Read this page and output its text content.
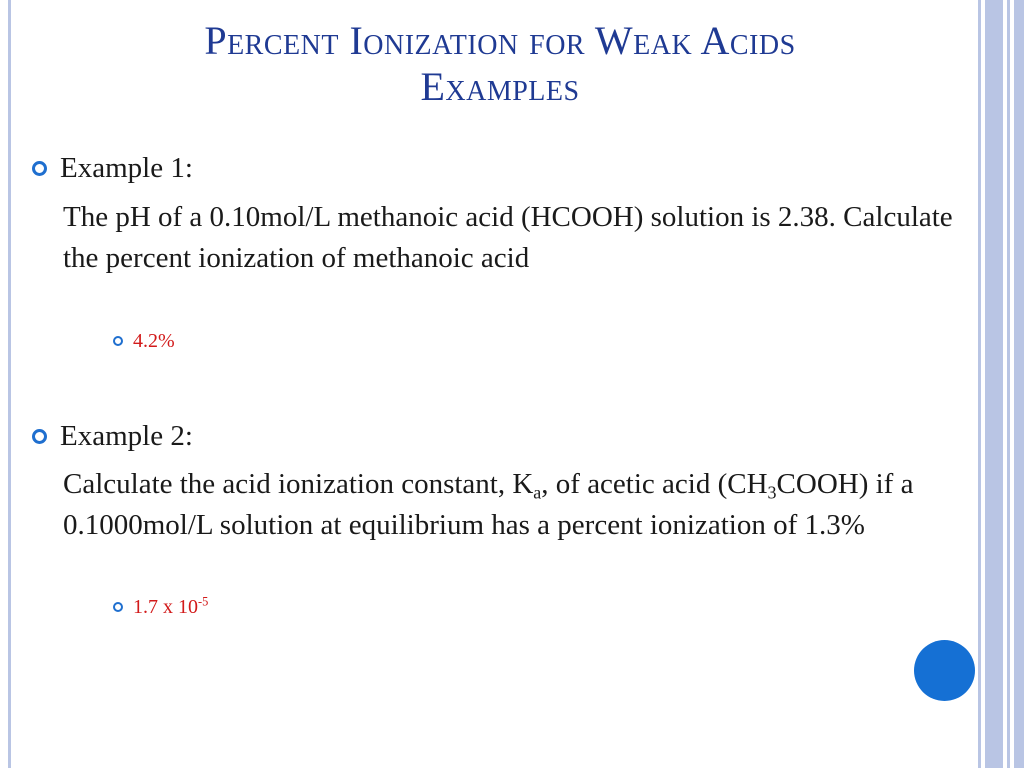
Percent Ionization for Weak Acids
Examples
Example 1:
The pH of a 0.10mol/L methanoic acid (HCOOH) solution is 2.38. Calculate the percent ionization of methanoic acid
4.2%
Example 2:
Calculate the acid ionization constant, $K_a$, of acetic acid $(CH_3COOH)$ if a 0.1000mol/L solution at equilibrium has a percent ionization of 1.3%
1.7 x $10^{-5}$
